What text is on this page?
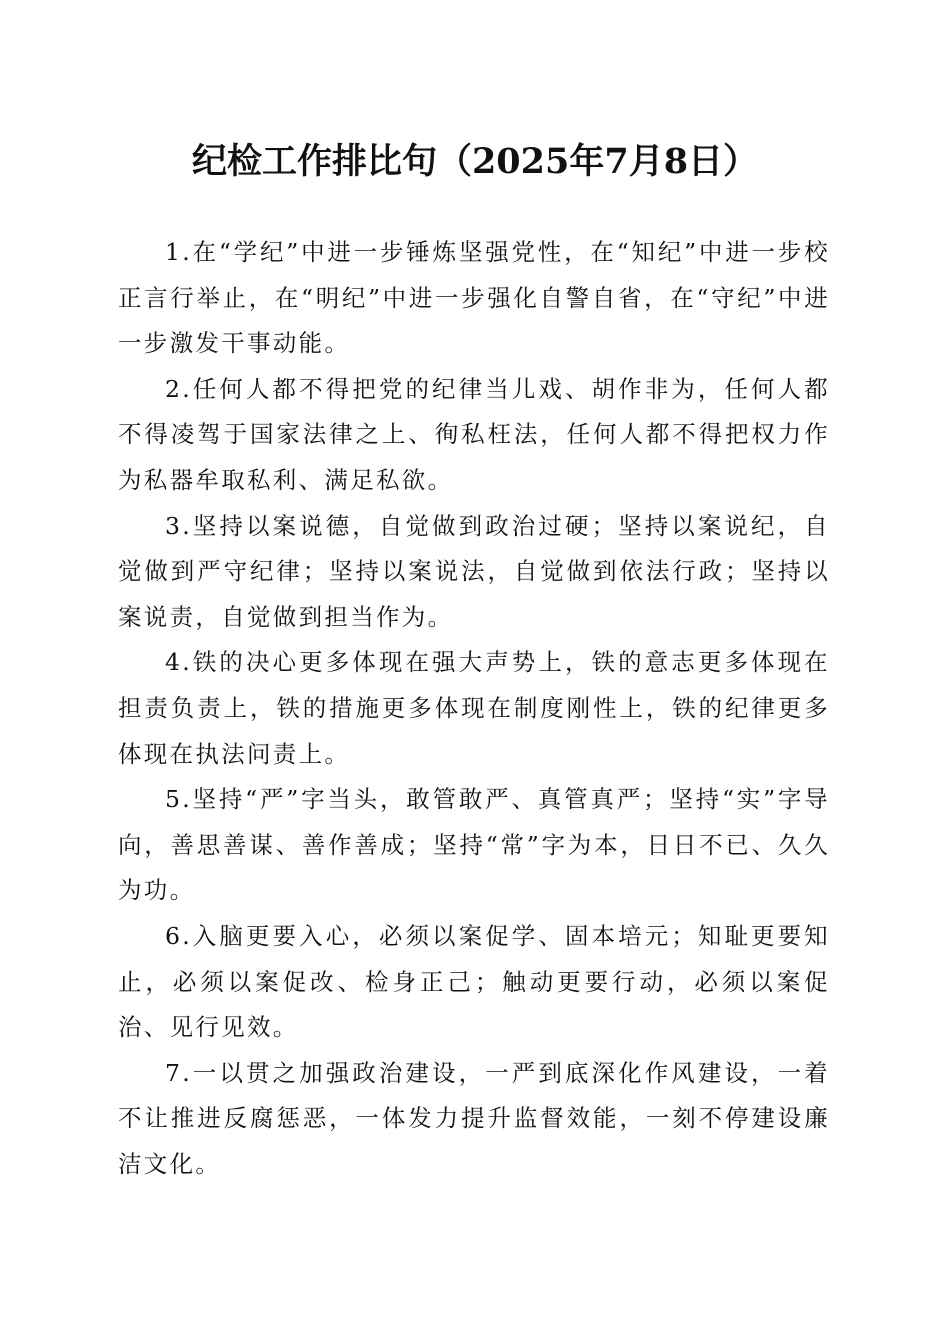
纪检工作排比句（2025年7月8日）

1.在“学纪”中进一步锤炼坚强党性，在“知纪”中进一步校正言行举止，在“明纪”中进一步强化自警自省，在“守纪”中进一步激发干事动能。

2.任何人都不得把党的纪律当儿戏、胡作非为，任何人都不得凌驾于国家法律之上、徇私枉法，任何人都不得把权力作为私器牟取私利、满足私欲。

3.坚持以案说德，自觉做到政治过硬；坚持以案说纪，自觉做到严守纪律；坚持以案说法，自觉做到依法行政；坚持以案说责，自觉做到担当作为。

4.铁的决心更多体现在强大声势上，铁的意志更多体现在担责负责上，铁的措施更多体现在制度刚性上，铁的纪律更多体现在执法问责上。

5.坚持“严”字当头，敢管敢严、真管真严；坚持“实”字导向，善思善谋、善作善成；坚持“常”字为本，日日不已、久久为功。

6.入脑更要入心，必须以案促学、固本培元；知耻更要知止，必须以案促改、检身正己；触动更要行动，必须以案促治、见行见效。

7.一以贯之加强政治建设，一严到底深化作风建设，一着不让推进反腐惩恶，一体发力提升监督效能，一刻不停建设廉洁文化。
